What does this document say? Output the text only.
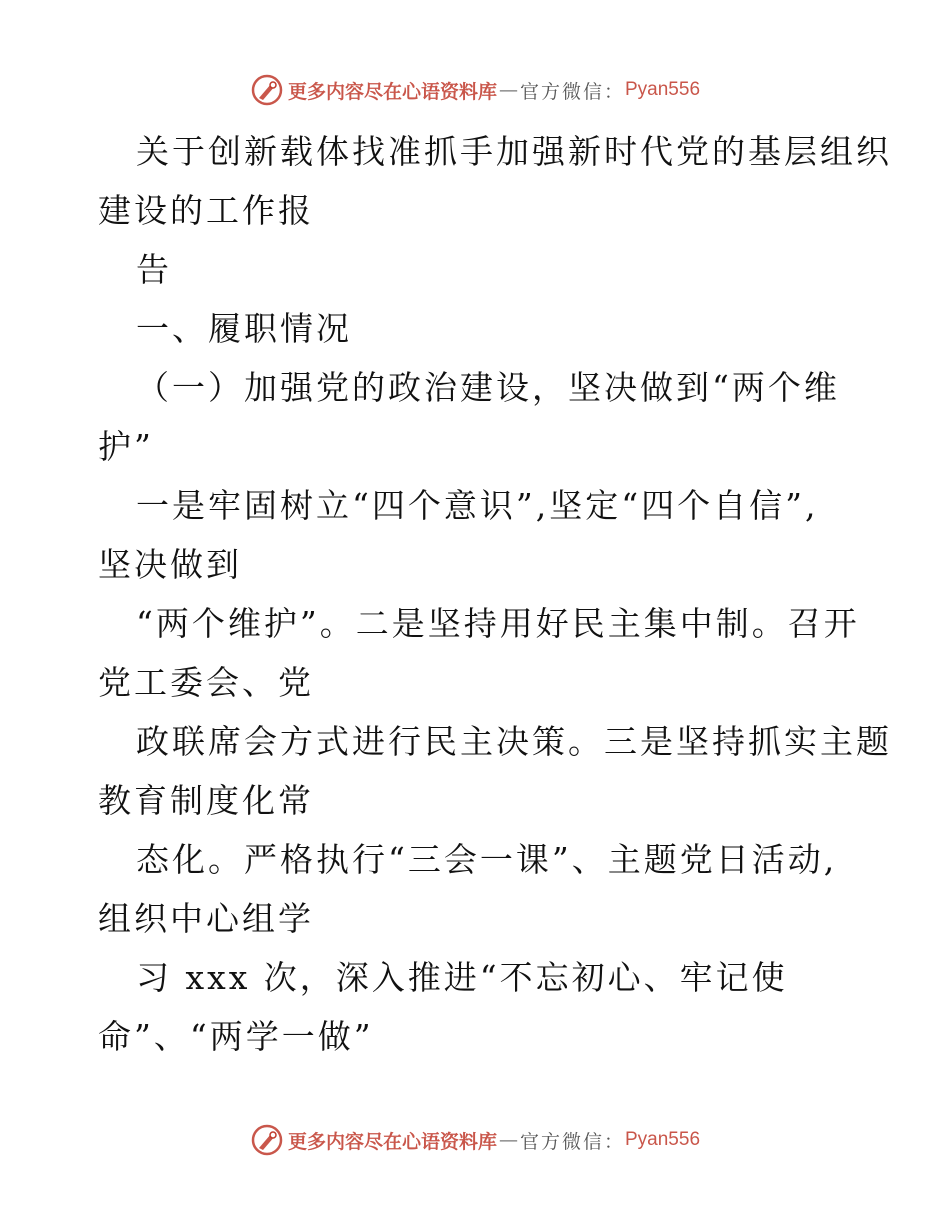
更多内容尽在心语资料库 — 官方微信： Pyan556
关于创新载体找准抓手加强新时代党的基层组织
建设的工作报
告
一、履职情况
（一）加强党的政治建设，坚决做到“两个维
护”
一是牢固树立“四个意识”,坚定“四个自信”,
坚决做到
“两个维护”。二是坚持用好民主集中制。召开
党工委会、党
政联席会方式进行民主决策。三是坚持抓实主题
教育制度化常
态化。严格执行“三会一课”、主题党日活动,
组织中心组学
习 xxx 次，深入推进“不忘初心、牢记使
命”、“两学一做”
更多内容尽在心语资料库 — 官方微信： Pyan556
